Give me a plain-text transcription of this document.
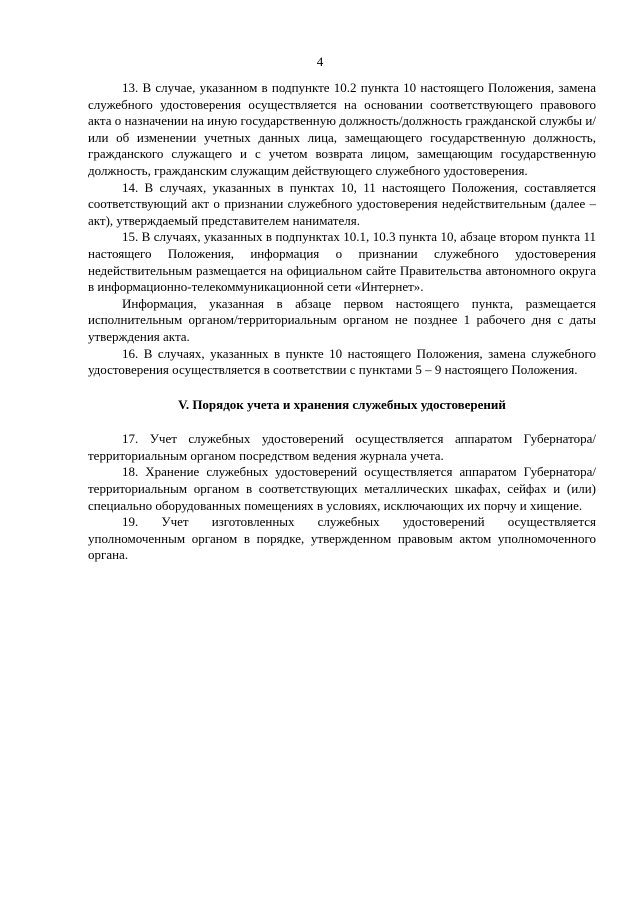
4

13. В случае, указанном в подпункте 10.2 пункта 10 настоящего Положения, замена служебного удостоверения осуществляется на основании соответствующего правового акта о назначении на иную государственную должность/должность гражданской службы и/или об изменении учетных данных лица, замещающего государственную должность, гражданского служащего и с учетом возврата лицом, замещающим государственную должность, гражданским служащим действующего служебного удостоверения.

14. В случаях, указанных в пунктах 10, 11 настоящего Положения, составляется соответствующий акт о признании служебного удостоверения недействительным (далее – акт), утверждаемый представителем нанимателя.

15. В случаях, указанных в подпунктах 10.1, 10.3 пункта 10, абзаце втором пункта 11 настоящего Положения, информация о признании служебного удостоверения недействительным размещается на официальном сайте Правительства автономного округа в информационно-телекоммуникационной сети «Интернет».

Информация, указанная в абзаце первом настоящего пункта, размещается исполнительным органом/территориальным органом не позднее 1 рабочего дня с даты утверждения акта.

16. В случаях, указанных в пункте 10 настоящего Положения, замена служебного удостоверения осуществляется в соответствии с пунктами 5 – 9 настоящего Положения.

V. Порядок учета и хранения служебных удостоверений

17. Учет служебных удостоверений осуществляется аппаратом Губернатора/территориальным органом посредством ведения журнала учета.

18. Хранение служебных удостоверений осуществляется аппаратом Губернатора/территориальным органом в соответствующих металлических шкафах, сейфах и (или) специально оборудованных помещениях в условиях, исключающих их порчу и хищение.

19. Учет изготовленных служебных удостоверений осуществляется уполномоченным органом в порядке, утвержденном правовым актом уполномоченного органа.
